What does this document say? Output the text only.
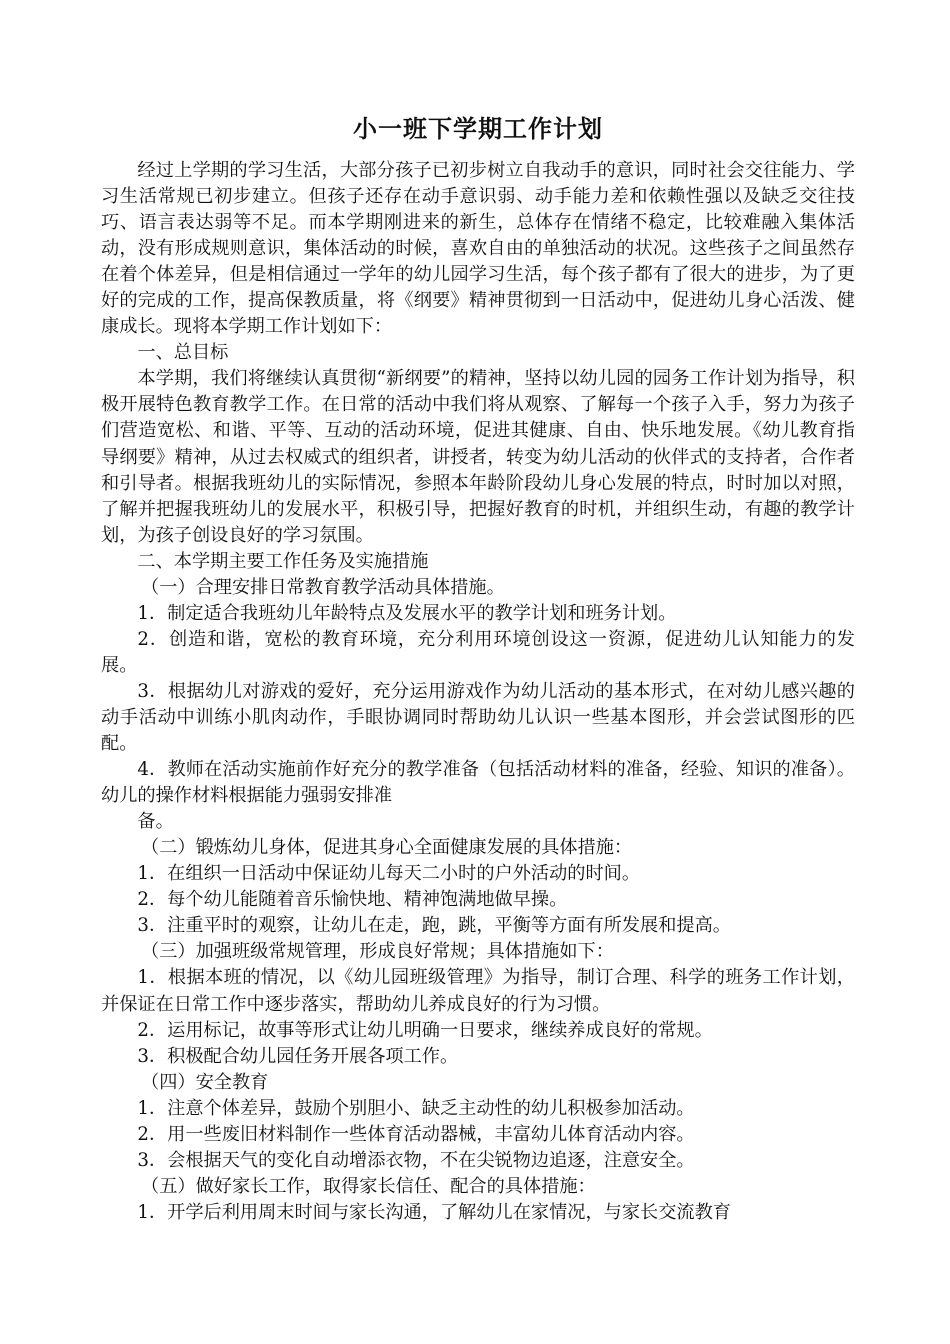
小一班下学期工作计划

经过上学期的学习生活，大部分孩子已初步树立自我动手的意识，同时社会交往能力、学习生活常规已初步建立。但孩子还存在动手意识弱、动手能力差和依赖性强以及缺乏交往技巧、语言表达弱等不足。而本学期刚进来的新生，总体存在情绪不稳定，比较难融入集体活动，没有形成规则意识，集体活动的时候，喜欢自由的单独活动的状况。这些孩子之间虽然存在着个体差异，但是相信通过一学年的幼儿园学习生活，每个孩子都有了很大的进步，为了更好的完成的工作，提高保教质量，将《纲要》精神贯彻到一日活动中，促进幼儿身心活泼、健康成长。现将本学期工作计划如下：

一、总目标

本学期，我们将继续认真贯彻“新纲要”的精神，坚持以幼儿园的园务工作计划为指导，积极开展特色教育教学工作。在日常的活动中我们将从观察、了解每一个孩子入手，努力为孩子们营造宽松、和谐、平等、互动的活动环境，促进其健康、自由、快乐地发展。《幼儿教育指导纲要》精神，从过去权威式的组织者，讲授者，转变为幼儿活动的伙伴式的支持者，合作者和引导者。根据我班幼儿的实际情况，参照本年龄阶段幼儿身心发展的特点，时时加以对照，了解并把握我班幼儿的发展水平，积极引导，把握好教育的时机，并组织生动，有趣的教学计划，为孩子创设良好的学习氛围。

二、本学期主要工作任务及实施措施

（一）合理安排日常教育教学活动具体措施。

1．制定适合我班幼儿年龄特点及发展水平的教学计划和班务计划。

2．创造和谐，宽松的教育环境，充分利用环境创设这一资源，促进幼儿认知能力的发展。

3．根据幼儿对游戏的爱好，充分运用游戏作为幼儿活动的基本形式，在对幼儿感兴趣的动手活动中训练小肌肉动作，手眼协调同时帮助幼儿认识一些基本图形，并会尝试图形的匹配。

4．教师在活动实施前作好充分的教学准备（包括活动材料的准备，经验、知识的准备）。幼儿的操作材料根据能力强弱安排准

备。

（二）锻炼幼儿身体，促进其身心全面健康发展的具体措施：

1．在组织一日活动中保证幼儿每天二小时的户外活动的时间。

2．每个幼儿能随着音乐愉快地、精神饱满地做早操。

3．注重平时的观察，让幼儿在走，跑，跳，平衡等方面有所发展和提高。

（三）加强班级常规管理，形成良好常规；具体措施如下：

1．根据本班的情况，以《幼儿园班级管理》为指导，制订合理、科学的班务工作计划，并保证在日常工作中逐步落实，帮助幼儿养成良好的行为习惯。

2．运用标记，故事等形式让幼儿明确一日要求，继续养成良好的常规。

3．积极配合幼儿园任务开展各项工作。

（四）安全教育

1．注意个体差异，鼓励个别胆小、缺乏主动性的幼儿积极参加活动。

2．用一些废旧材料制作一些体育活动器械，丰富幼儿体育活动内容。

3．会根据天气的变化自动增添衣物，不在尖锐物边追逐，注意安全。

（五）做好家长工作，取得家长信任、配合的具体措施：

1．开学后利用周末时间与家长沟通，了解幼儿在家情况，与家长交流教育
